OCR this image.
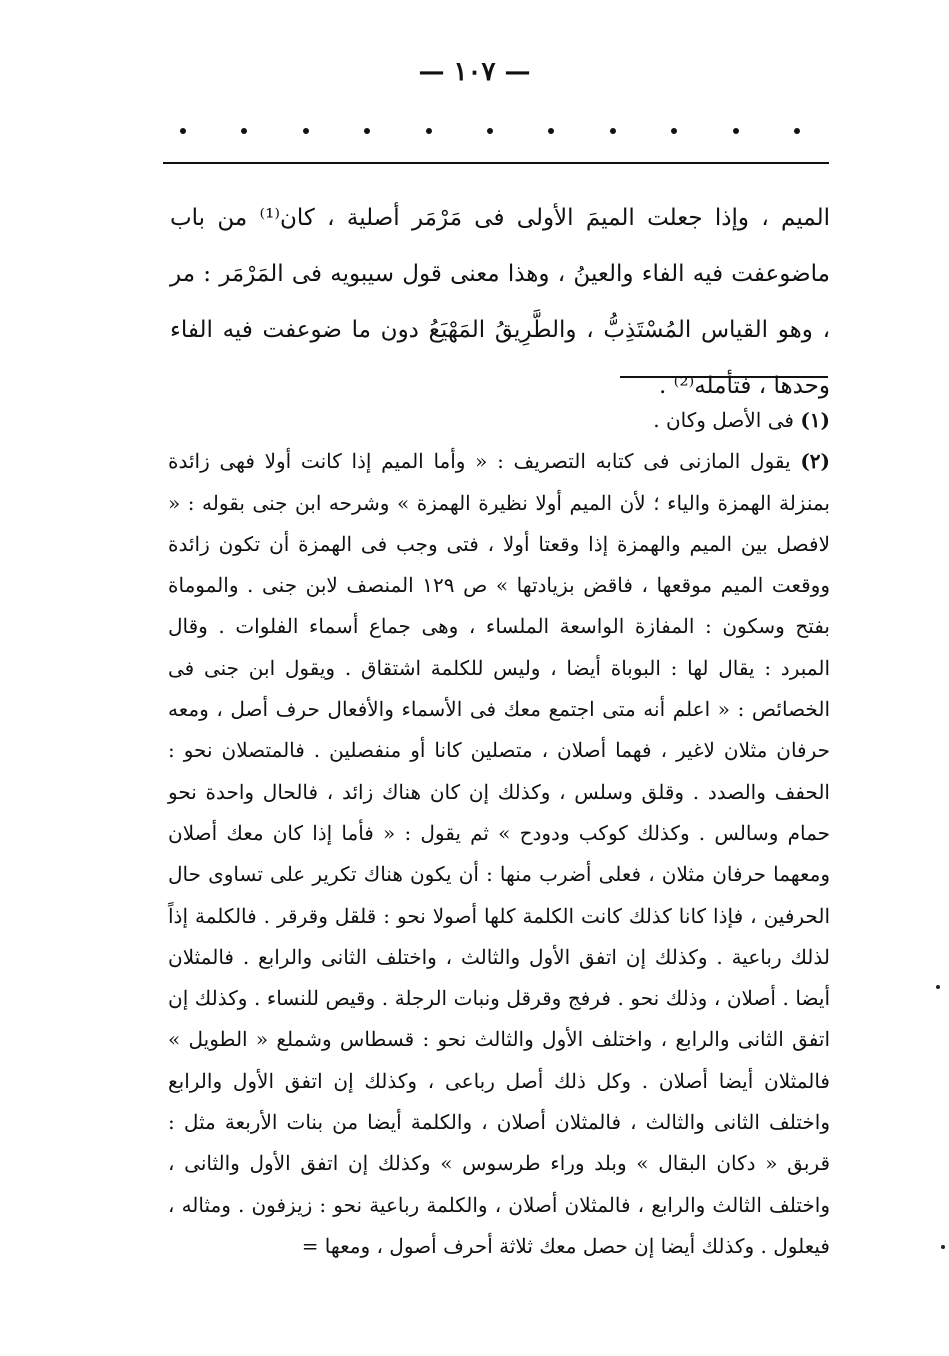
— ١٠٧ —

الميم ، وإذا جعلت الميمَ الأولى فى مَرْمَر أصلية ، كان⁽¹⁾ من باب ماضوعفت فيه الفاء والعينُ ، وهذا معنى قول سيبويه فى المَرْمَر : مر ، وهو القياس المُسْتَذِبُّ ، والطَّرِيقُ المَهْيَعُ دون ما ضوعفت فيه الفاء وحدها ، فتأمله⁽²⁾ .

(١) فى الأصل وكان .

(٢) يقول المازنى فى كتابه التصريف : « وأما الميم إذا كانت أولا فهى زائدة بمنزلة الهمزة والياء ؛ لأن الميم أولا نظيرة الهمزة » وشرحه ابن جنى بقوله : « لافصل بين الميم والهمزة إذا وقعتا أولا ، فتى وجب فى الهمزة أن تكون زائدة ووقعت الميم موقعها ، فاقض بزيادتها » ص ١٢٩ المنصف لابن جنى . والموماة بفتح وسكون : المفازة الواسعة الملساء ، وهى جماع أسماء الفلوات . وقال المبرد : يقال لها : البوباة أيضا ، وليس للكلمة اشتقاق . ويقول ابن جنى فى الخصائص : « اعلم أنه متى اجتمع معك فى الأسماء والأفعال حرف أصل ، ومعه حرفان مثلان لاغير ، فهما أصلان ، متصلين كانا أو منفصلين . فالمتصلان نحو : الحفف والصدد . وقلق وسلس ، وكذلك إن كان هناك زائد ، فالحال واحدة نحو حمام وسالس . وكذلك كوكب ودودح » ثم يقول : « فأما إذا كان معك أصلان ومعهما حرفان مثلان ، فعلى أضرب منها : أن يكون هناك تكرير على تساوى حال الحرفين ، فإذا كانا كذلك كانت الكلمة كلها أصولا نحو : قلقل وقرقر . فالكلمة إذاً لذلك رباعية . وكذلك إن اتفق الأول والثالث ، واختلف الثانى والرابع . فالمثلان أيضا . أصلان ، وذلك نحو . فرفج وقرقل ونبات الرجلة . وقيص للنساء . وكذلك إن اتفق الثانى والرابع ، واختلف الأول والثالث نحو : قسطاس وشملع « الطويل » فالمثلان أيضا أصلان . وكل ذلك أصل رباعى ، وكذلك إن اتفق الأول والرابع واختلف الثانى والثالث ، فالمثلان أصلان ، والكلمة أيضا من بنات الأربعة مثل : قربق « دكان البقال » وبلد وراء طرسوس » وكذلك إن اتفق الأول والثانى ، واختلف الثالث والرابع ، فالمثلان أصلان ، والكلمة رباعية نحو : زيزفون . ومثاله ، فيعلول . وكذلك أيضا إن حصل معك ثلاثة أحرف أصول ، ومعها =
